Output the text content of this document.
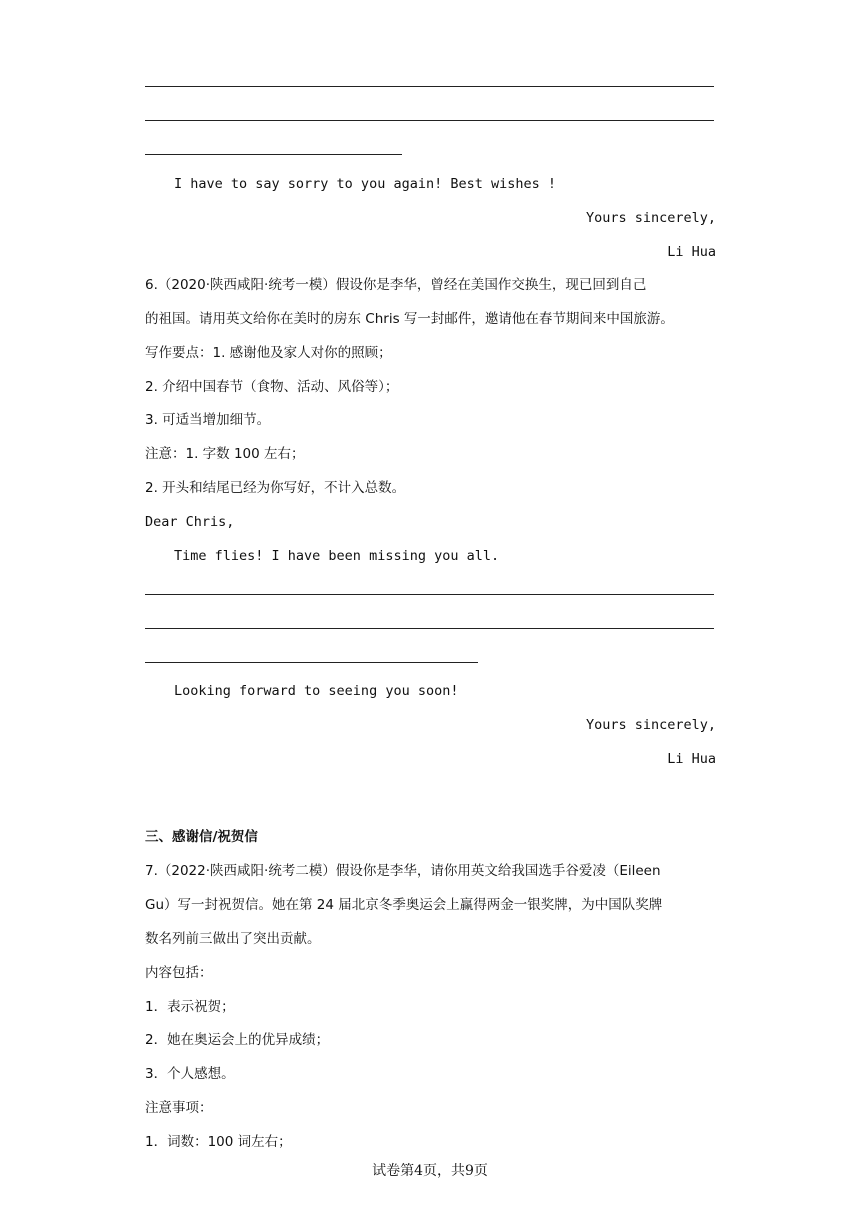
I have to say sorry to you again! Best wishes !
Yours sincerely,
Li Hua
6.（2020·陕西咸阳·统考一模）假设你是李华，曾经在美国作交换生，现已回到自己
的祖国。请用英文给你在美时的房东 Chris 写一封邮件，邀请他在春节期间来中国旅游。
写作要点：1. 感谢他及家人对你的照顾；
2. 介绍中国春节（食物、活动、风俗等）；
3. 可适当增加细节。
注意：1. 字数 100 左右；
2. 开头和结尾已经为你写好，不计入总数。
Dear Chris,
Time flies! I have been missing you all.
Looking forward to seeing you soon!
Yours sincerely,
Li Hua
三、感谢信/祝贺信
7.（2022·陕西咸阳·统考二模）假设你是李华，请你用英文给我国选手谷爱凌（Eileen
Gu）写一封祝贺信。她在第 24 届北京冬季奥运会上赢得两金一银奖牌，为中国队奖牌
数名列前三做出了突出贡献。
内容包括：
1．表示祝贺；
2．她在奥运会上的优异成绩；
3．个人感想。
注意事项：
1．词数：100 词左右；
试卷第4页，共9页
